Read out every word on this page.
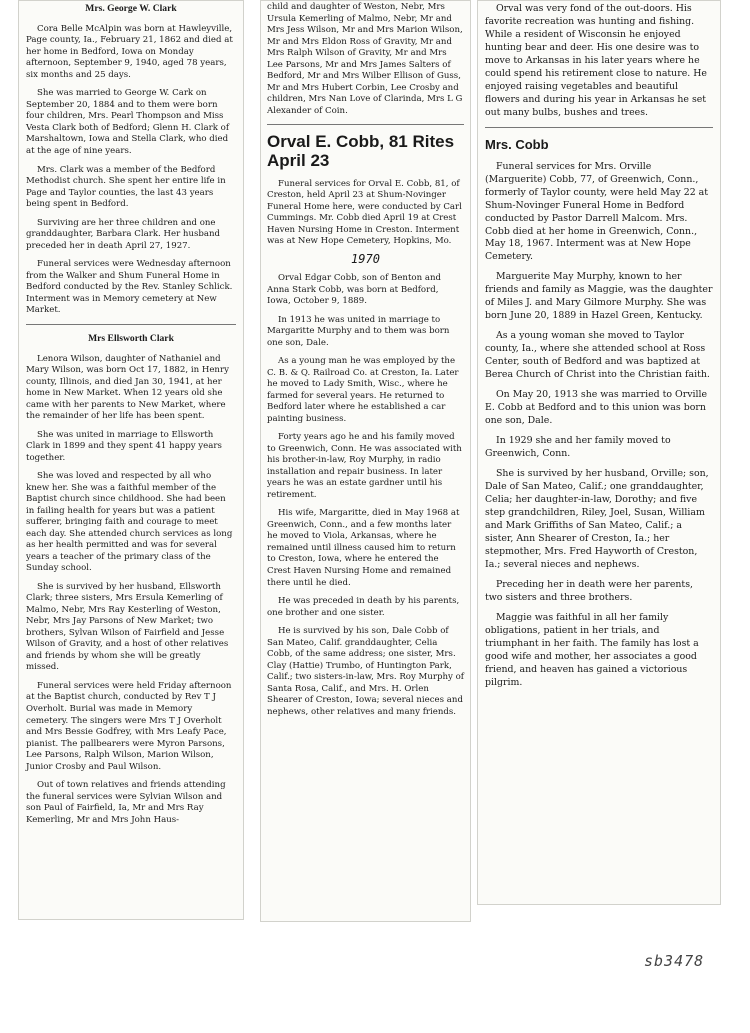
Mrs. George W. Clark

Cora Belle McAlpin was born at Hawleyville, Page county, Ia., February 21, 1862 and died at her home in Bedford, Iowa on Monday afternoon, September 9, 1940, aged 78 years, six months and 25 days.

She was married to George W. Cark on September 20, 1884 and to them were born four children, Mrs. Pearl Thompson and Miss Vesta Clark both of Bedford; Glenn H. Clark of Marshaltown, Iowa and Stella Clark, who died at the age of nine years.

Mrs. Clark was a member of the Bedford Methodist church. She spent her entire life in Page and Taylor counties, the last 43 years being spent in Bedford.

Surviving are her three children and one granddaughter, Barbara Clark. Her husband preceded her in death April 27, 1927.

Funeral services were Wednesday afternoon from the Walker and Shum Funeral Home in Bedford conducted by the Rev. Stanley Schlick. Interment was in Memory cemetery at New Market.

Mrs Ellsworth Clark

Lenora Wilson, daughter of Nathaniel and Mary Wilson, was born Oct 17, 1882, in Henry county, Illinois, and died Jan 30, 1941, at her home in New Market. When 12 years old she came with her parents to New Market, where the remainder of her life has been spent.

She was united in marriage to Ellsworth Clark in 1899 and they spent 41 happy years together.

She was loved and respected by all who knew her. She was a faithful member of the Baptist church since childhood. She had been in failing health for years but was a patient sufferer, bringing faith and courage to meet each day. She attended church services as long as her health permitted and was for several years a teacher of the primary class of the Sunday school.

She is survived by her husband, Ellsworth Clark; three sisters, Mrs Ersula Kemerling of Malmo, Nebr, Mrs Ray Kesterling of Weston, Nebr, Mrs Jay Parsons of New Market; two brothers, Sylvan Wilson of Fairfield and Jesse Wilson of Gravity, and a host of other relatives and friends by whom she will be greatly missed.

Funeral services were held Friday afternoon at the Baptist church, conducted by Rev T J Overholt. Burial was made in Memory cemetery. The singers were Mrs T J Overholt and Mrs Bessie Godfrey, with Mrs Leafy Pace, pianist. The pallbearers were Myron Parsons, Lee Parsons, Ralph Wilson, Marion Wilson, Junior Crosby and Paul Wilson.

Out of town relatives and friends attending the funeral services were Sylvian Wilson and son Paul of Fairfield, Ia, Mr and Mrs Ray Kemerling, Mr and Mrs John Haus-

child and daughter of Weston, Nebr, Mrs Ursula Kemerling of Malmo, Nebr, Mr and Mrs Jess Wilson, Mr and Mrs Marion Wilson, Mr and Mrs Eldon Ross of Gravity, Mr and Mrs Ralph Wilson of Gravity, Mr and Mrs Lee Parsons, Mr and Mrs James Salters of Bedford, Mr and Mrs Wilber Ellison of Guss, Mr and Mrs Hubert Corbin, Lee Crosby and children, Mrs Nan Love of Clarinda, Mrs L G Alexander of Coin.

Orval E. Cobb, 81 Rites April 23

Funeral services for Orval E. Cobb, 81, of Creston, held April 23 at Shum-Novinger Funeral Home here, were conducted by Carl Cummings. Mr. Cobb died April 19 at Crest Haven Nursing Home in Creston. Interment was at New Hope Cemetery, Hopkins, Mo.

1970

Orval Edgar Cobb, son of Benton and Anna Stark Cobb, was born at Bedford, Iowa, October 9, 1889.

In 1913 he was united in marriage to Margaritte Murphy and to them was born one son, Dale.

As a young man he was employed by the C. B. & Q. Railroad Co. at Creston, Ia. Later he moved to Lady Smith, Wisc., where he farmed for several years. He returned to Bedford later where he established a car painting business.

Forty years ago he and his family moved to Greenwich, Conn. He was associated with his brother-in-law, Roy Murphy, in radio installation and repair business. In later years he was an estate gardner until his retirement.

His wife, Margaritte, died in May 1968 at Greenwich, Conn., and a few months later he moved to Viola, Arkansas, where he remained until illness caused him to return to Creston, Iowa, where he entered the Crest Haven Nursing Home and remained there until he died.

He was preceded in death by his parents, one brother and one sister.

He is survived by his son, Dale Cobb of San Mateo, Calif. granddaughter, Celia Cobb, of the same address; one sister, Mrs. Clay (Hattie) Trumbo, of Huntington Park, Calif.; two sisters-in-law, Mrs. Roy Murphy of Santa Rosa, Calif., and Mrs. H. Orlen Shearer of Creston, Iowa; several nieces and nephews, other relatives and many friends.

Orval was very fond of the out-doors. His favorite recreation was hunting and fishing. While a resident of Wisconsin he enjoyed hunting bear and deer. His one desire was to move to Arkansas in his later years where he could spend his retirement close to nature. He enjoyed raising vegetables and beautiful flowers and during his year in Arkansas he set out many bulbs, bushes and trees.

Mrs. Cobb

Funeral services for Mrs. Orville (Marguerite) Cobb, 77, of Greenwich, Conn., formerly of Taylor county, were held May 22 at Shum-Novinger Funeral Home in Bedford conducted by Pastor Darrell Malcom. Mrs. Cobb died at her home in Greenwich, Conn., May 18, 1967. Interment was at New Hope Cemetery.

Marguerite May Murphy, known to her friends and family as Maggie, was the daughter of Miles J. and Mary Gilmore Murphy. She was born June 20, 1889 in Hazel Green, Kentucky.

As a young woman she moved to Taylor county, Ia., where she attended school at Ross Center, south of Bedford and was baptized at Berea Church of Christ into the Christian faith.

On May 20, 1913 she was married to Orville E. Cobb at Bedford and to this union was born one son, Dale.

In 1929 she and her family moved to Greenwich, Conn.

She is survived by her husband, Orville; son, Dale of San Mateo, Calif.; one granddaughter, Celia; her daughter-in-law, Dorothy; and five step grandchildren, Riley, Joel, Susan, William and Mark Griffiths of San Mateo, Calif.; a sister, Ann Shearer of Creston, Ia.; her stepmother, Mrs. Fred Hayworth of Creston, Ia.; several nieces and nephews.

Preceding her in death were her parents, two sisters and three brothers.

Maggie was faithful in all her family obligations, patient in her trials, and triumphant in her faith. The family has lost a good wife and mother, her associates a good friend, and heaven has gained a victorious pilgrim.

sb3478
